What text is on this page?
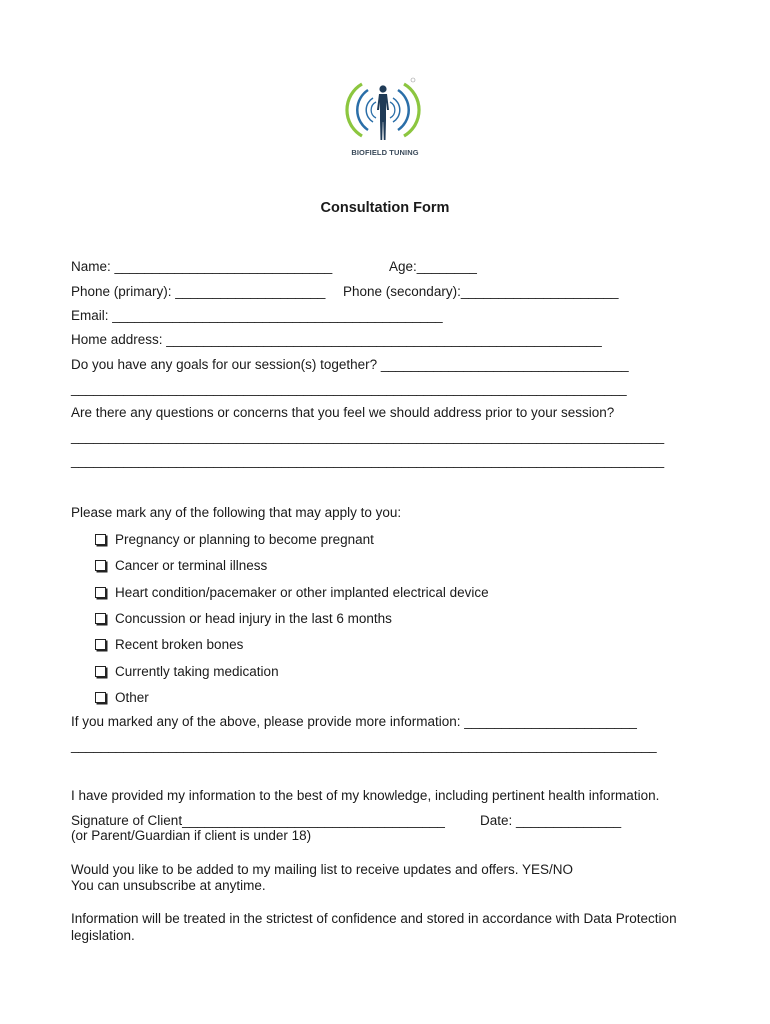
BIOFIELD TUNING
Consultation Form
Name: _____________________________	Age:________
Phone (primary): ____________________ Phone (secondary):_____________________
Email: ____________________________________________
Home address: __________________________________________________________
Do you have any goals for our session(s) together? _________________________________
__________________________________________________________________________
Are there any questions or concerns that you feel we should address prior to your session?
_______________________________________________________________________________
_______________________________________________________________________________
Please mark any of the following that may apply to you:
Pregnancy or planning to become pregnant
Cancer or terminal illness
Heart condition/pacemaker or other implanted electrical device
Concussion or head injury in the last 6 months
Recent broken bones
Currently taking medication
Other
If you marked any of the above, please provide more information: _______________________
______________________________________________________________________________
I have provided my information to the best of my knowledge, including pertinent health information.
Signature of Client___________________________________	Date: ______________
(or Parent/Guardian if client is under 18)
Would you like to be added to my mailing list to receive updates and offers. YES/NO
You can unsubscribe at anytime.
Information will be treated in the strictest of confidence and stored in accordance with Data Protection
legislation.
